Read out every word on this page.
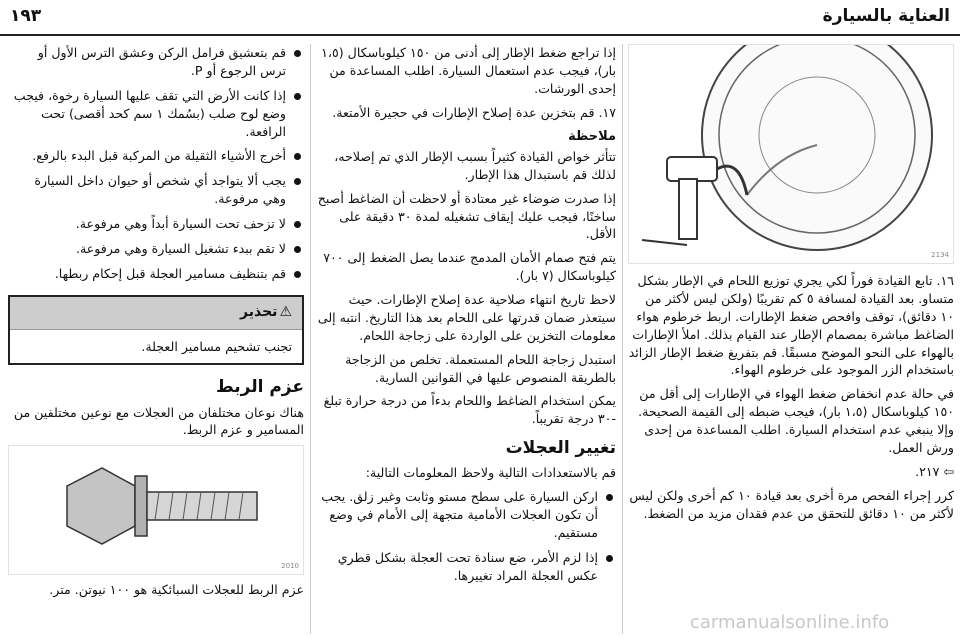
العناية بالسيارة
١٩٣
2134

١٦. تابع القيادة فوراً لكي يجري توزيع اللحام في الإطار بشكل متساو. بعد القيادة لمسافة ٥ كم تقريبًا (ولكن ليس لأكثر من ١٠ دقائق)، توقف وافحص ضغط الإطارات. اربط خرطوم هواء الضاغط مباشرة بمصمام الإطار عند القيام بذلك. املأ الإطارات بالهواء على النحو الموضح مسبقًا. قم بتفريغ ضغط الإطار الزائد باستخدام الزر الموجود على خرطوم الهواء.

في حالة عدم انخفاض ضغط الهواء في الإطارات إلى أقل من ١٥٠ كيلوباسكال (١،٥ بار)، فيجب ضبطه إلى القيمة الصحيحة. وإلا ينبغي عدم استخدام السيارة. اطلب المساعدة من إحدى ورش العمل.

⇦ ٢١٧.

كرر إجراء الفحص مرة أخرى بعد قيادة ١٠ كم أخرى ولكن ليس لأكثر من ١٠ دقائق للتحقق من عدم فقدان مزيد من الضغط.

إذا تراجع ضغط الإطار إلى أدنى من ١٥٠ كيلوباسكال (١،٥ بار)، فيجب عدم استعمال السيارة. اطلب المساعدة من إحدى الورشات.

١٧. قم بتخزين عدة إصلاح الإطارات في حجيرة الأمتعة.

ملاحظة

تتأثر خواص القيادة كثيراً بسبب الإطار الذي تم إصلاحه، لذلك قم باستبدال هذا الإطار.

إذا صدرت ضوضاء غير معتادة أو لاحظت أن الضاغط أصبح ساخنًا، فيجب عليك إيقاف تشغيله لمدة ٣٠ دقيقة على الأقل.

يتم فتح صمام الأمان المدمج عندما يصل الضغط إلى ٧٠٠ كيلوباسكال (٧ بار).

لاحظ تاريخ انتهاء صلاحية عدة إصلاح الإطارات. حيث سيتعذر ضمان قدرتها على اللحام بعد هذا التاريخ. انتبه إلى معلومات التخزين على الواردة على زجاجة اللحام.

استبدل زجاجة اللحام المستعملة. تخلص من الزجاجة بالطريقة المنصوص عليها في القوانين السارية.

يمكن استخدام الضاغط واللحام بدءاً من درجة حرارة تبلغ -٣٠ درجة تقريباً.

تغيير العجلات

قم بالاستعدادات التالية ولاحظ المعلومات التالية:

اركن السيارة على سطح مستو وثابت وغير زلق. يجب أن تكون العجلات الأمامية متجهة إلى الأمام في وضع مستقيم.
إذا لزم الأمر، ضع سنادة تحت العجلة بشكل قطري عكس العجلة المراد تغييرها.
قم بتعشيق فرامل الركن وعشق الترس الأول أو ترس الرجوع أو P.
إذا كانت الأرض التي تقف عليها السيارة رخوة، فيجب وضع لوح صلب (بسُمك ١ سم كحد أقصى) تحت الرافعة.
أخرج الأشياء الثقيلة من المركبة قبل البدء بالرفع.
يجب ألا يتواجد أي شخص أو حيوان داخل السيارة وهي مرفوعة.
لا تزحف تحت السيارة أبداً وهي مرفوعة.
لا تقم ببدء تشغيل السيارة وهي مرفوعة.
قم بتنظيف مسامير العجلة قبل إحكام ربطها.
⚠تحذير
تجنب تشحيم مسامير العجلة.
عزم الربط

هناك نوعان مختلفان من العجلات مع نوعين مختلفين من المسامير و عزم الربط.

2010

عزم الربط للعجلات السبائكية هو ١٠٠ نيوتن. متر.

carmanualsonline.info
